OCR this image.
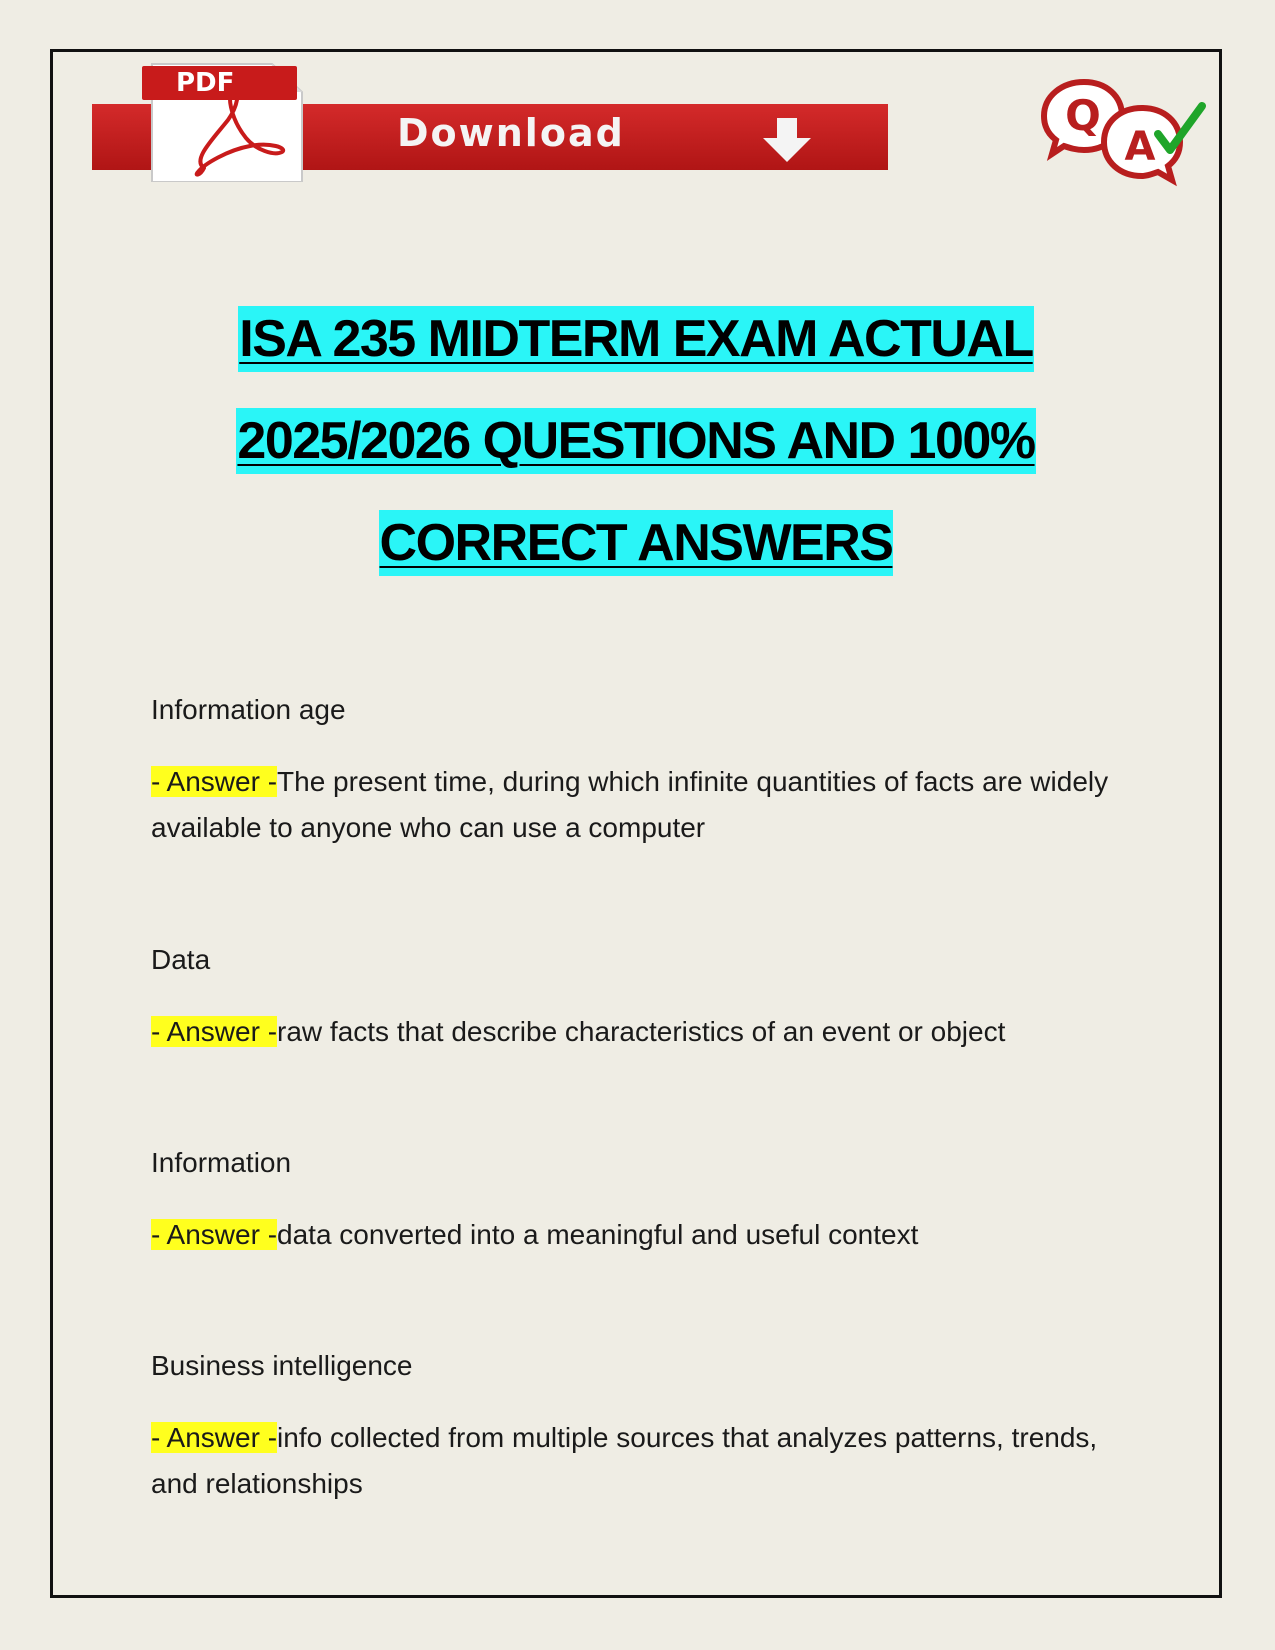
Download
PDF
Q
A
ISA 235 MIDTERM EXAM ACTUAL
2025/2026 QUESTIONS AND 100%
CORRECT ANSWERS
Information age
- Answer -The present time, during which infinite quantities of facts are widely available to anyone who can use a computer
Data
- Answer -raw facts that describe characteristics of an event or object
Information
- Answer -data converted into a meaningful and useful context
Business intelligence
- Answer -info collected from multiple sources that analyzes patterns, trends, and relationships
